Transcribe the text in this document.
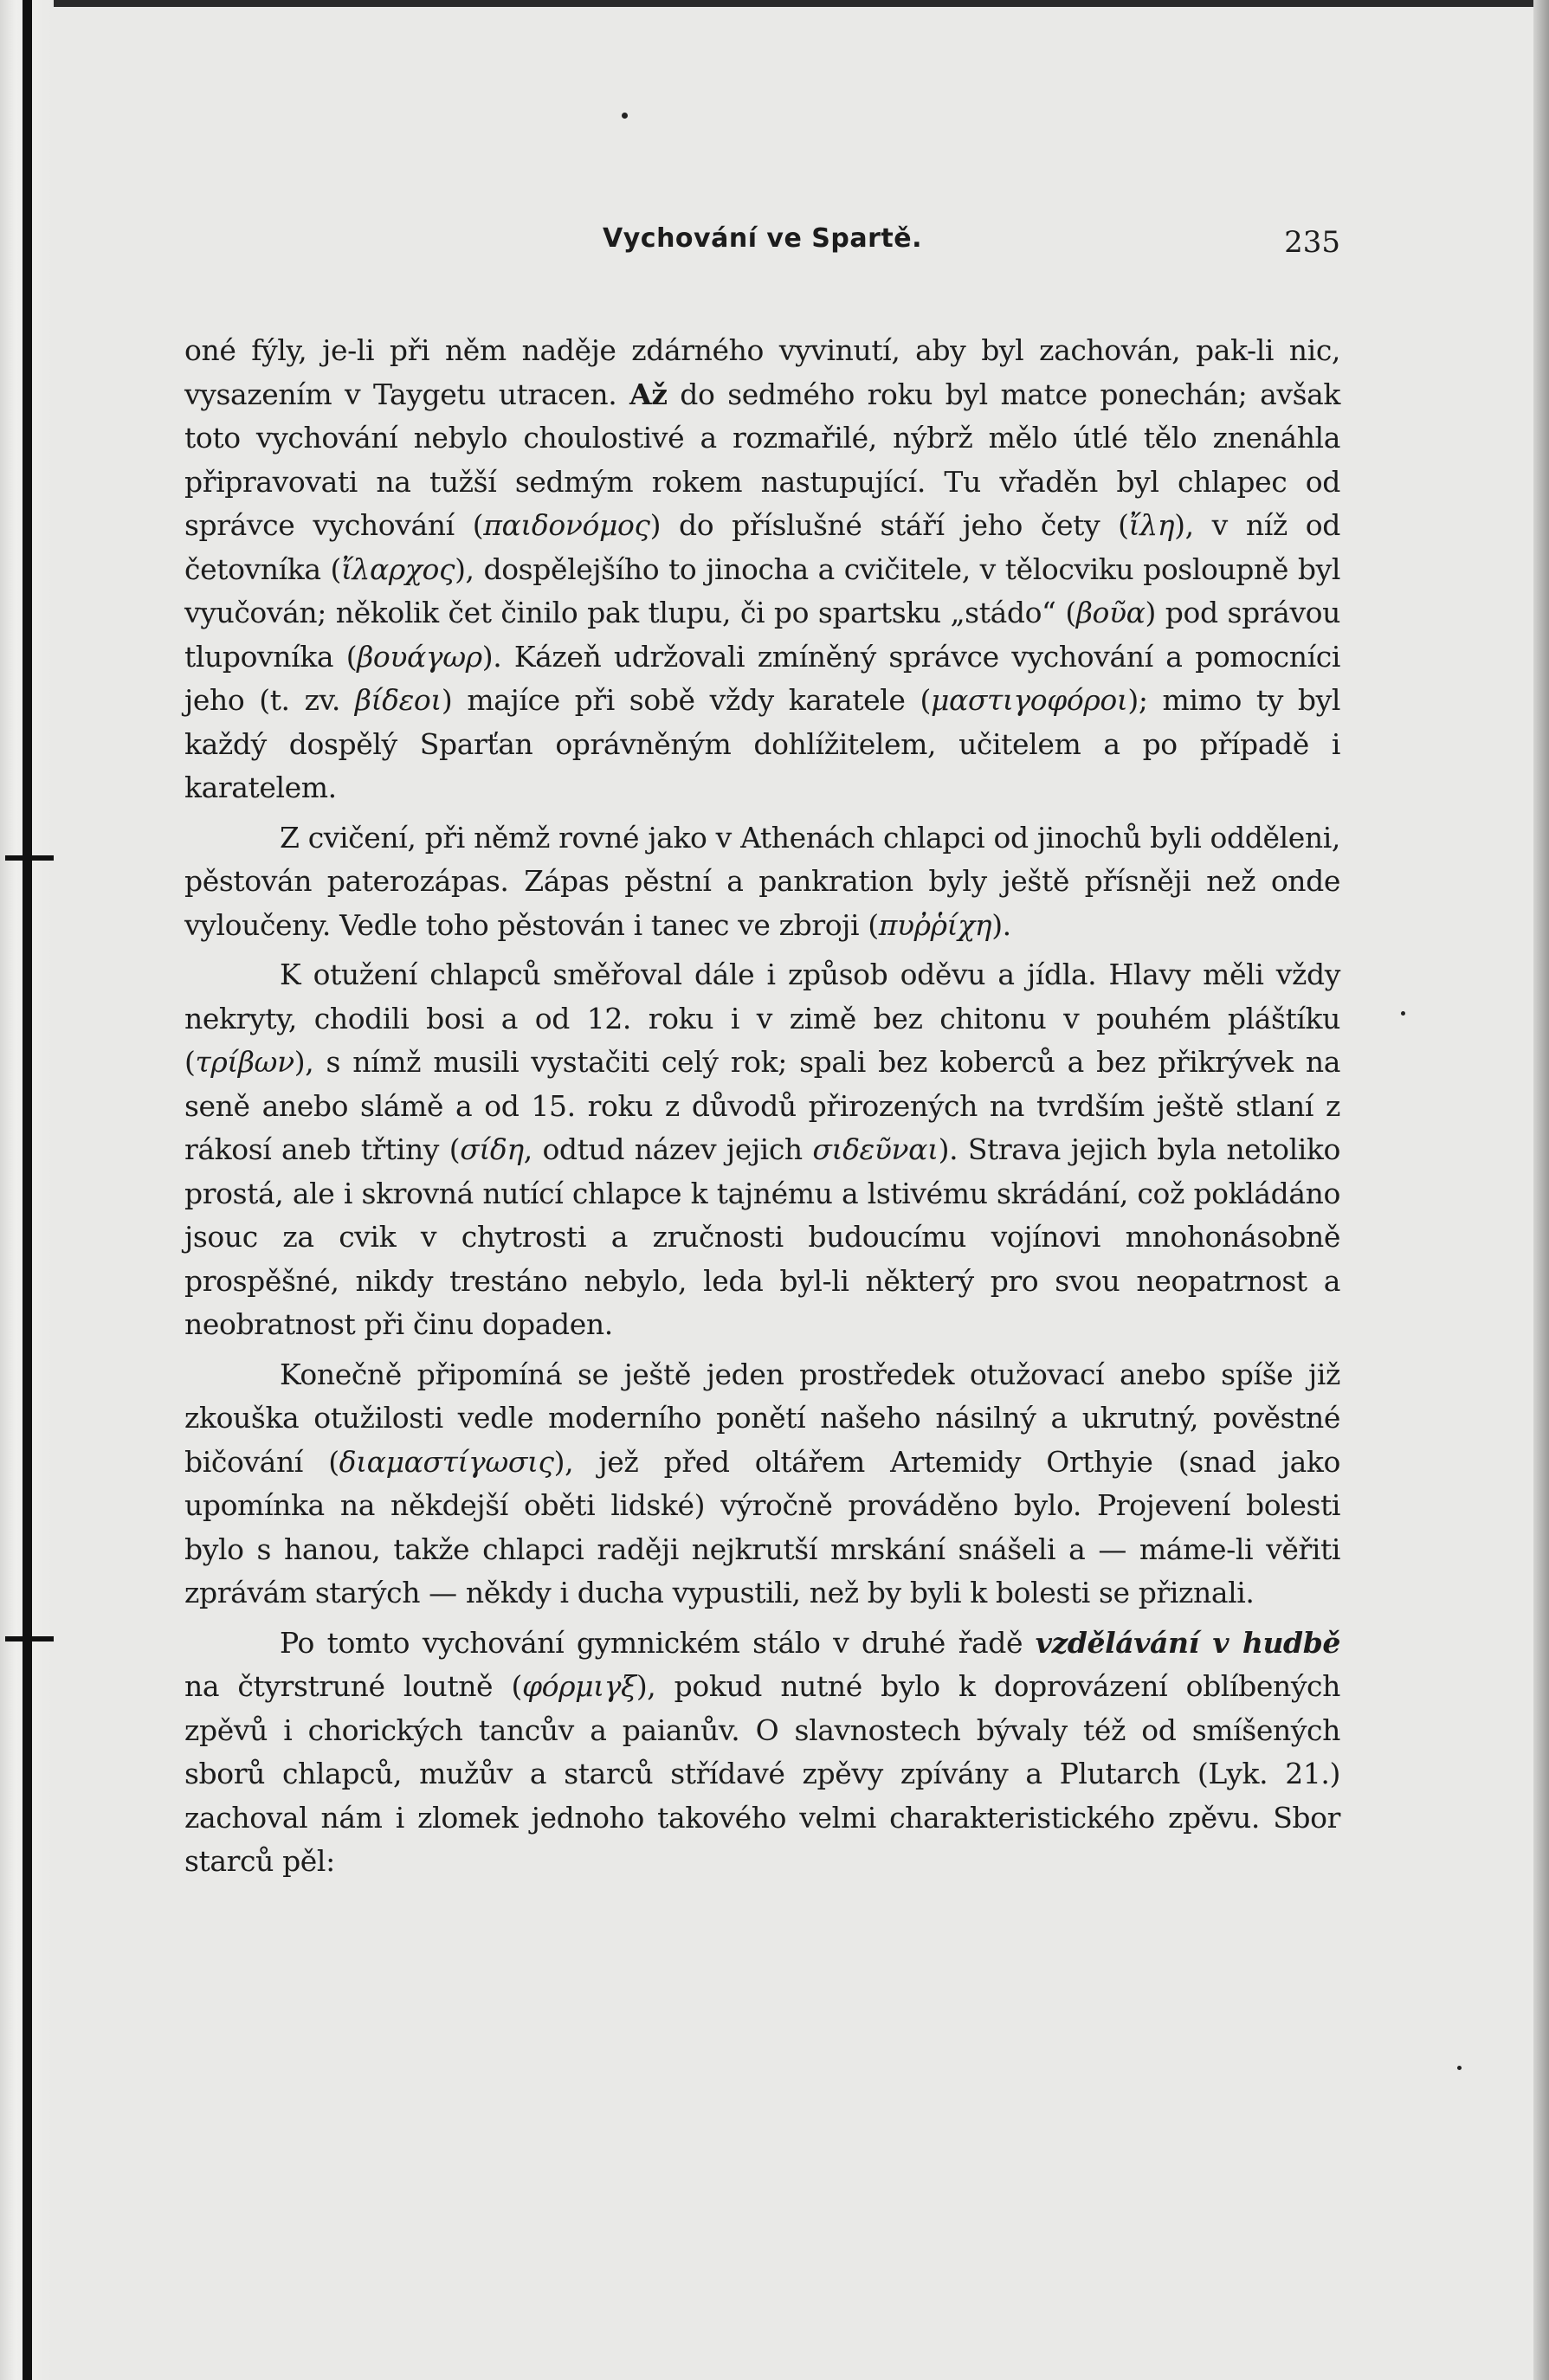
Vychování ve Spartě.	235

oné fýly, je-li při něm naděje zdárného vyvinutí, aby byl zachován, pak-li nic, vysazením v Taygetu utracen. Až do sedmého roku byl matce ponechán; avšak toto vychování nebylo choulostivé a rozmařilé, nýbrž mělo útlé tělo znenáhla připravovati na tužší sedmým rokem nastupující. Tu vřaděn byl chlapec od správce vychování (παιδονόμος) do příslušné stáří jeho čety (ἴλη), v níž od četovníka (ἴλαρχος), dospělejšího to jinocha a cvičitele, v tělocviku posloupně byl vyučován; několik čet činilo pak tlupu, či po spartsku „stádo“ (βοῦα) pod správou tlupovníka (βουάγωρ). Kázeň udržovali zmíněný správce vychování a pomocníci jeho (t. zv. βίδεοι) majíce při sobě vždy karatele (μαστιγοφόροι); mimo ty byl každý dospělý Sparťan oprávněným dohlížitelem, učitelem a po případě i karatelem.

Z cvičení, při němž rovné jako v Athenách chlapci od jinochů byli odděleni, pěstován paterozápas. Zápas pěstní a pankration byly ještě přísněji než onde vyloučeny. Vedle toho pěstován i tanec ve zbroji (πυῤῥίχη).

K otužení chlapců směřoval dále i způsob oděvu a jídla. Hlavy měli vždy nekryty, chodili bosi a od 12. roku i v zimě bez chitonu v pouhém pláštíku (τρίβων), s nímž musili vystačiti celý rok; spali bez koberců a bez přikrývek na seně anebo slámě a od 15. roku z důvodů přirozených na tvrdším ještě stlaní z rákosí aneb třtiny (σίδη, odtud název jejich σιδεῦναι). Strava jejich byla netoliko prostá, ale i skrovná nutící chlapce k tajnému a lstivému skrádání, což pokládáno jsouc za cvik v chytrosti a zručnosti budoucímu vojínovi mnohonásobně prospěšné, nikdy trestáno nebylo, leda byl-li některý pro svou neopatrnost a neobratnost při činu dopaden.

Konečně připomíná se ještě jeden prostředek otužovací anebo spíše již zkouška otužilosti vedle moderního ponětí našeho násilný a ukrutný, pověstné bičování (διαμαστίγωσις), jež před oltářem Artemidy Orthyie (snad jako upomínka na někdejší oběti lidské) výročně prováděno bylo. Projevení bolesti bylo s hanou, takže chlapci raději nejkrutší mrskání snášeli a — máme-li věřiti zprávám starých — někdy i ducha vypustili, než by byli k bolesti se přiznali.

Po tomto vychování gymnickém stálo v druhé řadě vzdělávání v hudbě na čtyrstruné loutně (φόρμιγξ), pokud nutné bylo k doprovázení oblíbených zpěvů i chorických tancův a paianův. O slavnostech bývaly též od smíšených sborů chlapců, mužův a starců střídavé zpěvy zpívány a Plutarch (Lyk. 21.) zachoval nám i zlomek jednoho takového velmi charakteristického zpěvu. Sbor starců pěl:
